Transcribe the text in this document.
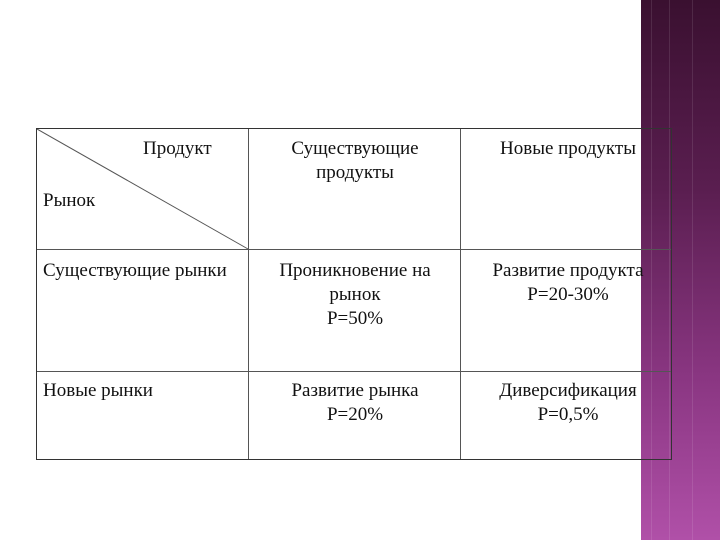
Продукт
Рынок
Существующие продукты
Новые продукты
Существующие рынки	Проникновение на рынок
P=50%
Развитие продукта
P=20-30%
Новые рынки	Развитие рынка
P=20%
Диверсификация
P=0,5%
